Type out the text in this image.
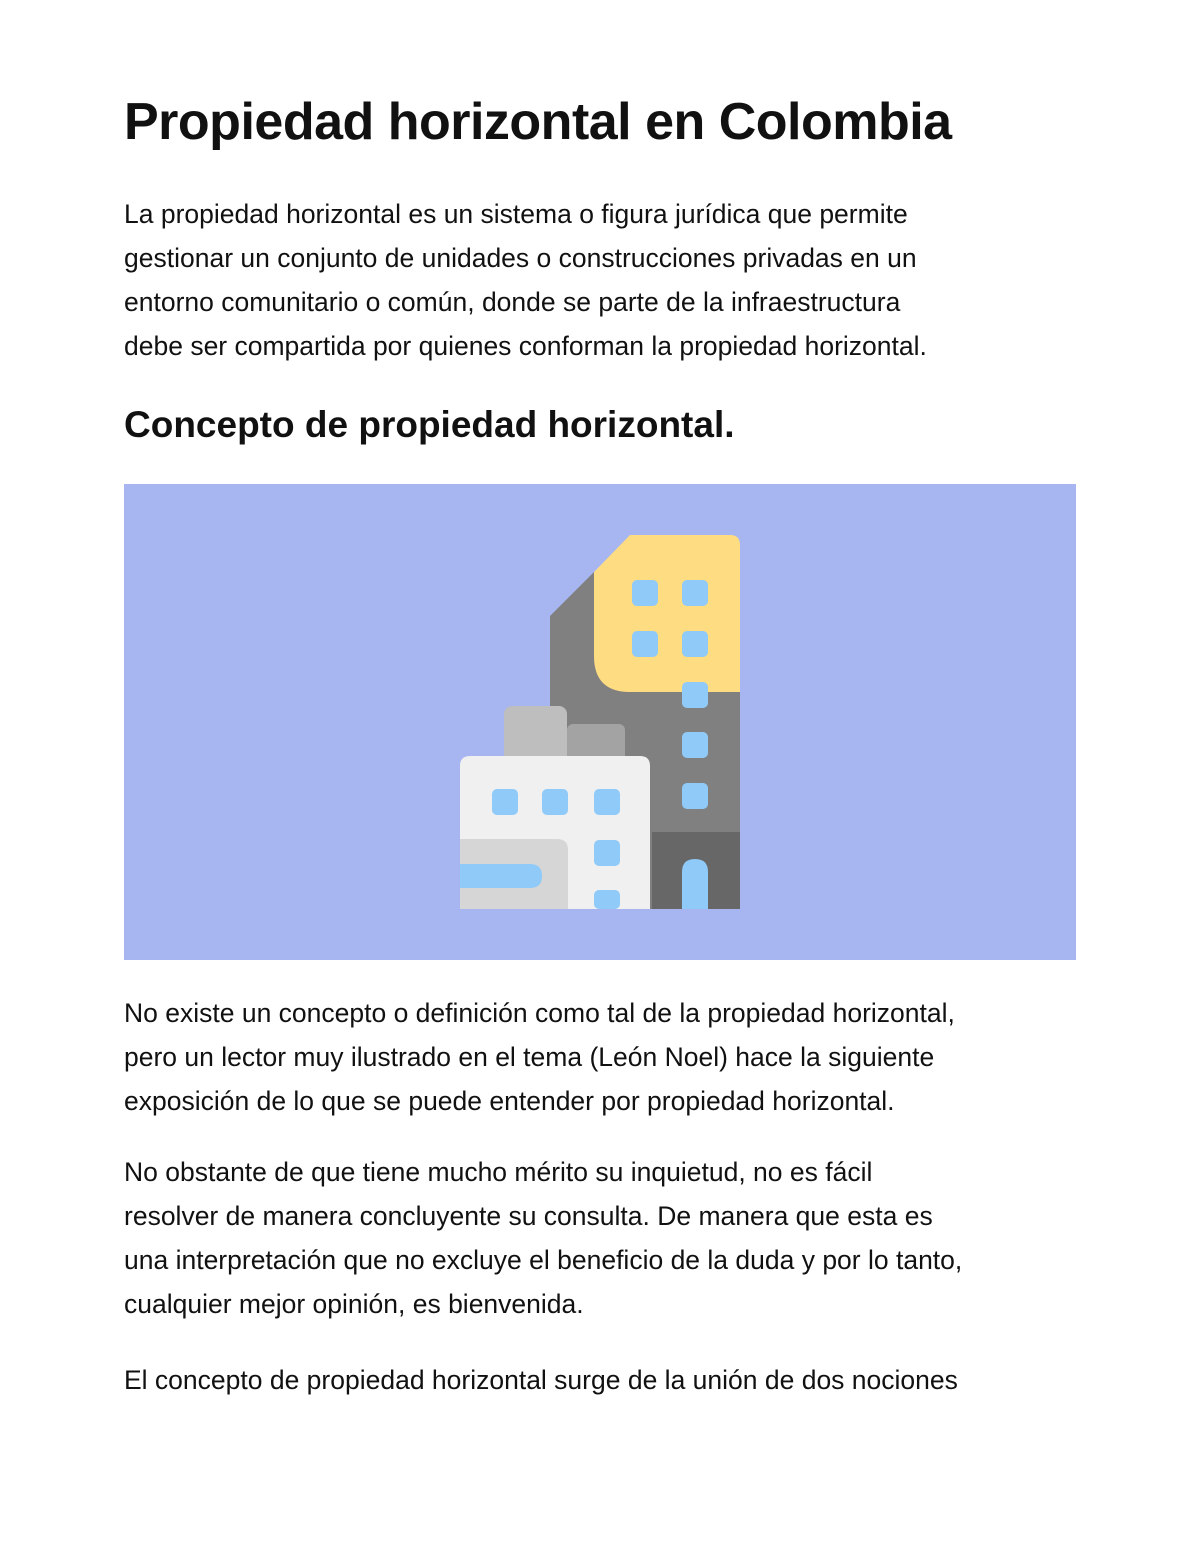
Propiedad horizontal en Colombia

La propiedad horizontal es un sistema o figura jurídica que permite
gestionar un conjunto de unidades o construcciones privadas en un
entorno comunitario o común, donde se parte de la infraestructura
debe ser compartida por quienes conforman la propiedad horizontal.

Concepto de propiedad horizontal.

No existe un concepto o definición como tal de la propiedad horizontal,
pero un lector muy ilustrado en el tema (León Noel) hace la siguiente
exposición de lo que se puede entender por propiedad horizontal.

No obstante de que tiene mucho mérito su inquietud, no es fácil
resolver de manera concluyente su consulta. De manera que esta es
una interpretación que no excluye el beneficio de la duda y por lo tanto,
cualquier mejor opinión, es bienvenida.

El concepto de propiedad horizontal surge de la unión de dos nociones
